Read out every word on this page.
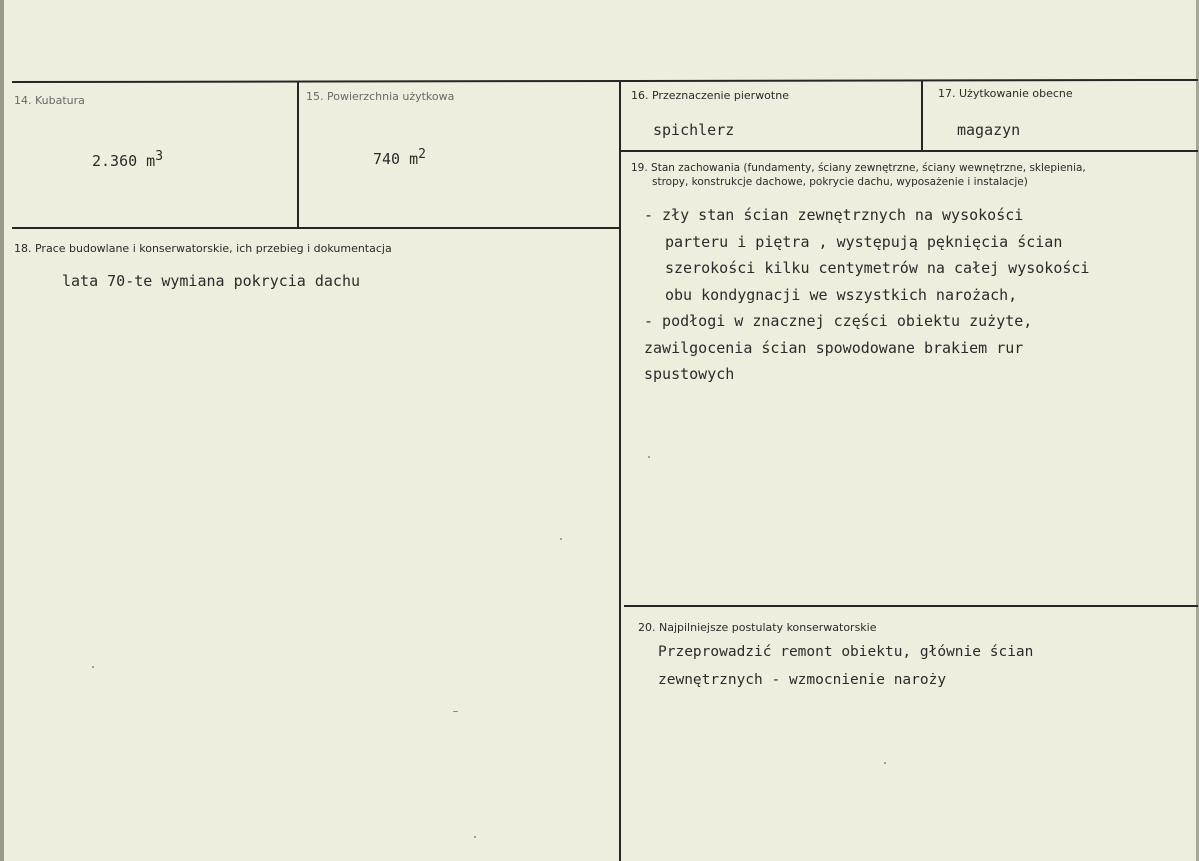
14. Kubatura
2.360 $m^3$
15. Powierzchnia użytkowa
740 $m^2$
16. Przeznaczenie pierwotne
spichlerz
17. Użytkowanie obecne
magazyn
18. Prace budowlane i konserwatorskie, ich przebieg i dokumentacja
lata 70-te wymiana pokrycia dachu
19. Stan zachowania (fundamenty, ściany zewnętrzne, ściany wewnętrzne, sklepienia,
stropy, konstrukcje dachowe, pokrycie dachu, wyposażenie i instalacje)
- zły stan ścian zewnętrznych na wysokości
parteru i piętra , występują pęknięcia ścian
szerokości kilku centymetrów na całej wysokości
obu kondygnacji we wszystkich narożach,
- podłogi w znacznej części obiektu zużyte,
zawilgocenia ścian spowodowane brakiem rur
spustowych
20. Najpilniejsze postulaty konserwatorskie
Przeprowadzić remont obiektu, głównie ścian
zewnętrznych - wzmocnienie naroży
